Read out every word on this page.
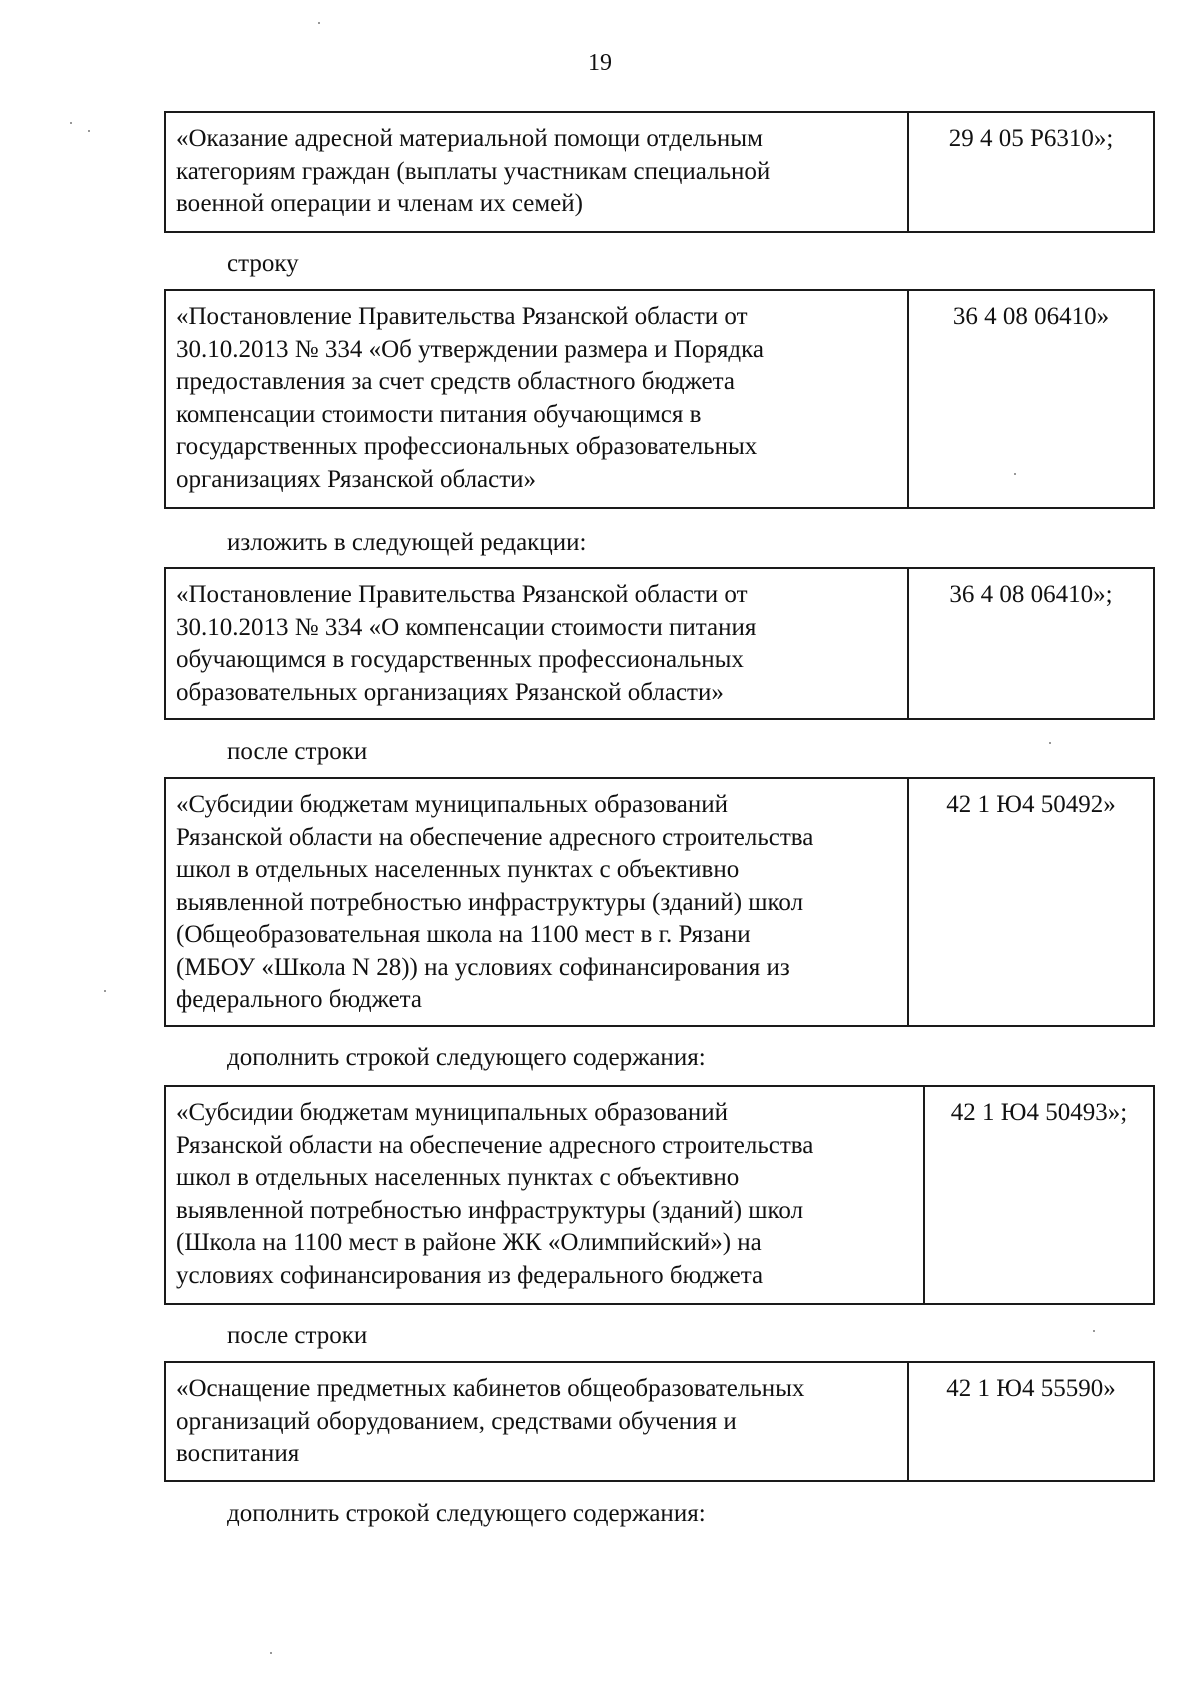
19
«Оказание адресной материальной помощи отдельным
категориям граждан (выплаты участникам специальной
военной операции и членам их семей)
29 4 05 Р6310»;
строку
«Постановление Правительства Рязанской области от
30.10.2013 № 334 «Об утверждении размера и Порядка
предоставления за счет средств областного бюджета
компенсации стоимости питания обучающимся в
государственных профессиональных образовательных
организациях Рязанской области»
36 4 08 06410»
изложить в следующей редакции:
«Постановление Правительства Рязанской области от
30.10.2013 № 334 «О компенсации стоимости питания
обучающимся в государственных профессиональных
образовательных организациях Рязанской области»
36 4 08 06410»;
после строки
«Субсидии бюджетам муниципальных образований
Рязанской области на обеспечение адресного строительства
школ в отдельных населенных пунктах с объективно
выявленной потребностью инфраструктуры (зданий) школ
(Общеобразовательная школа на 1100 мест в г. Рязани
(МБОУ «Школа N 28)) на условиях софинансирования из
федерального бюджета
42 1 Ю4 50492»
дополнить строкой следующего содержания:
«Субсидии бюджетам муниципальных образований
Рязанской области на обеспечение адресного строительства
школ в отдельных населенных пунктах с объективно
выявленной потребностью инфраструктуры (зданий) школ
(Школа на 1100 мест в районе ЖК «Олимпийский») на
условиях софинансирования из федерального бюджета
42 1 Ю4 50493»;
после строки
«Оснащение предметных кабинетов общеобразовательных
организаций оборудованием, средствами обучения и
воспитания
42 1 Ю4 55590»
дополнить строкой следующего содержания:
